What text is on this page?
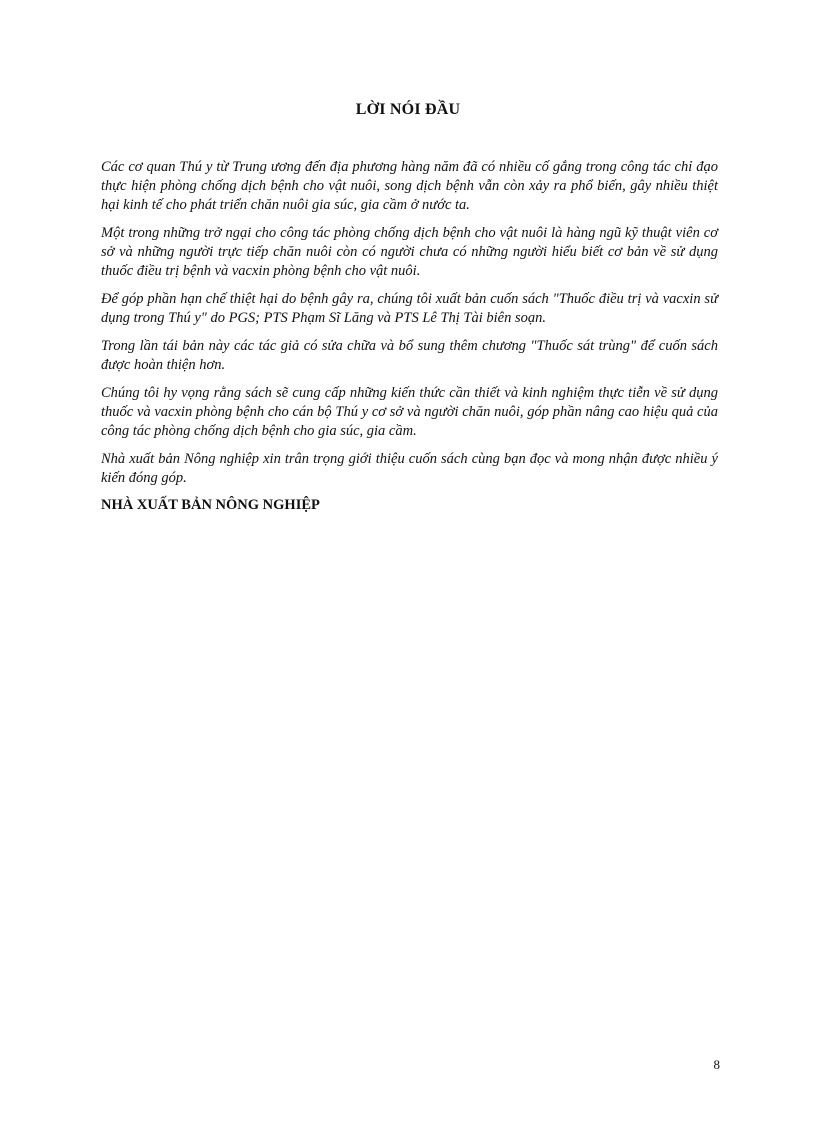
LỜI NÓI ĐẦU

Các cơ quan Thú y từ Trung ương đến địa phương hàng năm đã có nhiều cố gắng trong công tác chỉ đạo thực hiện phòng chống dịch bệnh cho vật nuôi, song dịch bệnh vẫn còn xảy ra phổ biến, gây nhiều thiệt hại kinh tế cho phát triển chăn nuôi gia súc, gia cầm ở nước ta.

Một trong những trở ngại cho công tác phòng chống dịch bệnh cho vật nuôi là hàng ngũ kỹ thuật viên cơ sở và những người trực tiếp chăn nuôi còn có người chưa có những người hiểu biết cơ bản về sử dụng thuốc điều trị bệnh và vacxin phòng bệnh cho vật nuôi.

Để góp phần hạn chế thiệt hại do bệnh gây ra, chúng tôi xuất bản cuốn sách "Thuốc điều trị và vacxin sử dụng trong Thú y" do PGS; PTS Phạm Sĩ Lăng và PTS Lê Thị Tài biên soạn.

Trong lần tái bản này các tác giả có sửa chữa và bổ sung thêm chương "Thuốc sát trùng" để cuốn sách được hoàn thiện hơn.

Chúng tôi hy vọng rằng sách sẽ cung cấp những kiến thức cần thiết và kinh nghiệm thực tiễn về sử dụng thuốc và vacxin phòng bệnh cho cán bộ Thú y cơ sở và người chăn nuôi, góp phần nâng cao hiệu quả của công tác phòng chống dịch bệnh cho gia súc, gia cầm.

Nhà xuất bản Nông nghiệp xin trân trọng giới thiệu cuốn sách cùng bạn đọc và mong nhận được nhiều ý kiến đóng góp.

NHÀ XUẤT BẢN NÔNG NGHIỆP

8
